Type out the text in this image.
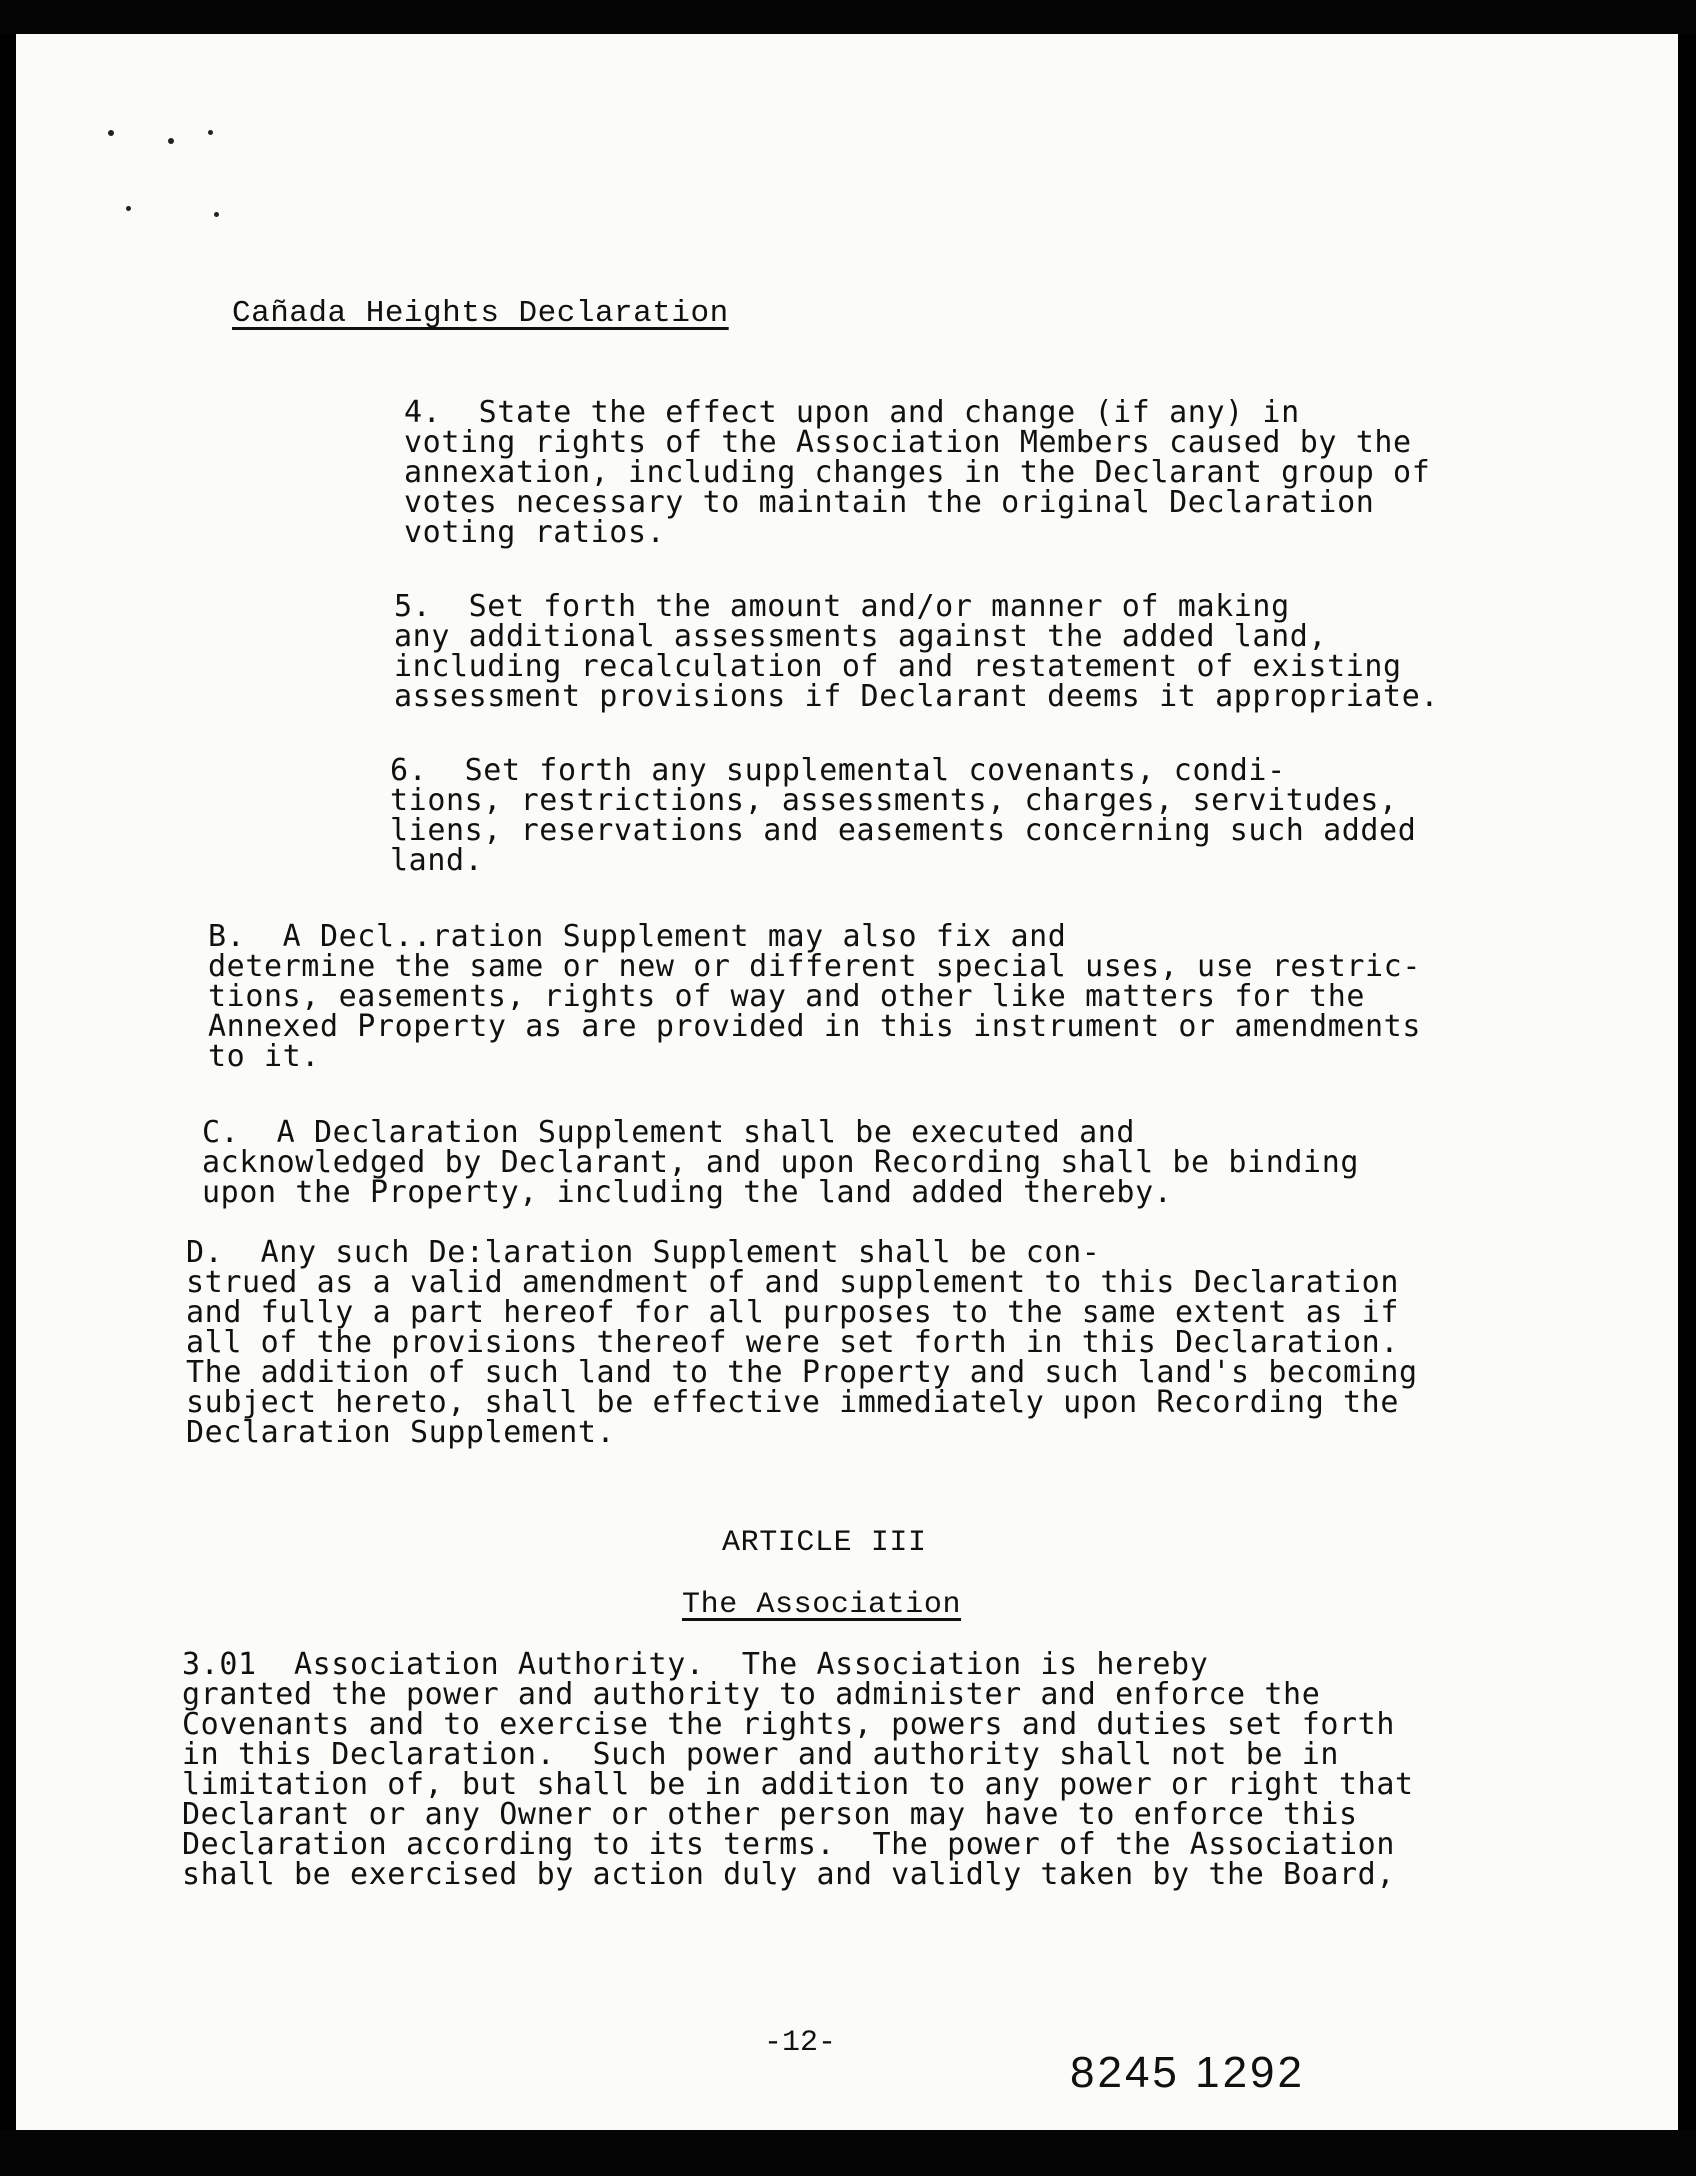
Cañada Heights Declaration
4.  State the effect upon and change (if any) in
voting rights of the Association Members caused by the
annexation, including changes in the Declarant group of
votes necessary to maintain the original Declaration
voting ratios.
5.  Set forth the amount and/or manner of making
any additional assessments against the added land,
including recalculation of and restatement of existing
assessment provisions if Declarant deems it appropriate.
6.  Set forth any supplemental covenants, condi-
tions, restrictions, assessments, charges, servitudes,
liens, reservations and easements concerning such added
land.
B.  A Decl..ration Supplement may also fix and
determine the same or new or different special uses, use restric-
tions, easements, rights of way and other like matters for the
Annexed Property as are provided in this instrument or amendments
to it.
C.  A Declaration Supplement shall be executed and
acknowledged by Declarant, and upon Recording shall be binding
upon the Property, including the land added thereby.
D.  Any such De:laration Supplement shall be con-
strued as a valid amendment of and supplement to this Declaration
and fully a part hereof for all purposes to the same extent as if
all of the provisions thereof were set forth in this Declaration.
The addition of such land to the Property and such land's becoming
subject hereto, shall be effective immediately upon Recording the
Declaration Supplement.
ARTICLE III
The Association
3.01  Association Authority.  The Association is hereby
granted the power and authority to administer and enforce the
Covenants and to exercise the rights, powers and duties set forth
in this Declaration.  Such power and authority shall not be in
limitation of, but shall be in addition to any power or right that
Declarant or any Owner or other person may have to enforce this
Declaration according to its terms.  The power of the Association
shall be exercised by action duly and validly taken by the Board,
-12-
8245 1292
